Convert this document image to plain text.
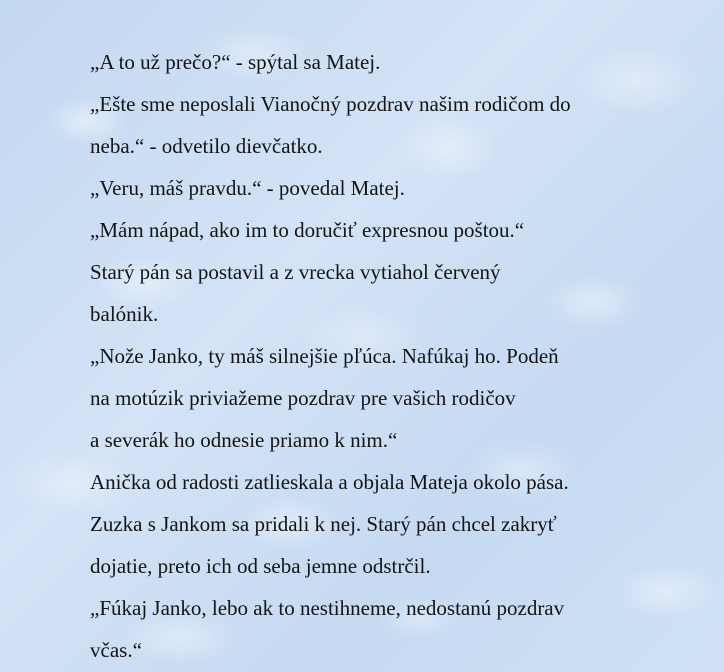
„A to už prečo?“ - spýtal sa Matej.
„Ešte sme neposlali Vianočný pozdrav našim rodičom do
neba.“ - odvetilo dievčatko.
„Veru, máš pravdu.“ - povedal Matej.
„Mám nápad, ako im to doručiť expresnou poštou.“
Starý pán sa postavil a z vrecka vytiahol červený
balónik.
„Nože Janko, ty máš silnejšie pľúca. Nafúkaj ho. Podeň
na motúzik priviažeme pozdrav pre vašich rodičov
a severák ho odnesie priamo k nim.“
Anička od radosti zatlieskala a objala Mateja okolo pása.
Zuzka s Jankom sa pridali k nej. Starý pán chcel zakryť
dojatie, preto ich od seba jemne odstrčil.
„Fúkaj Janko, lebo ak to nestihneme, nedostanú pozdrav
včas.“
